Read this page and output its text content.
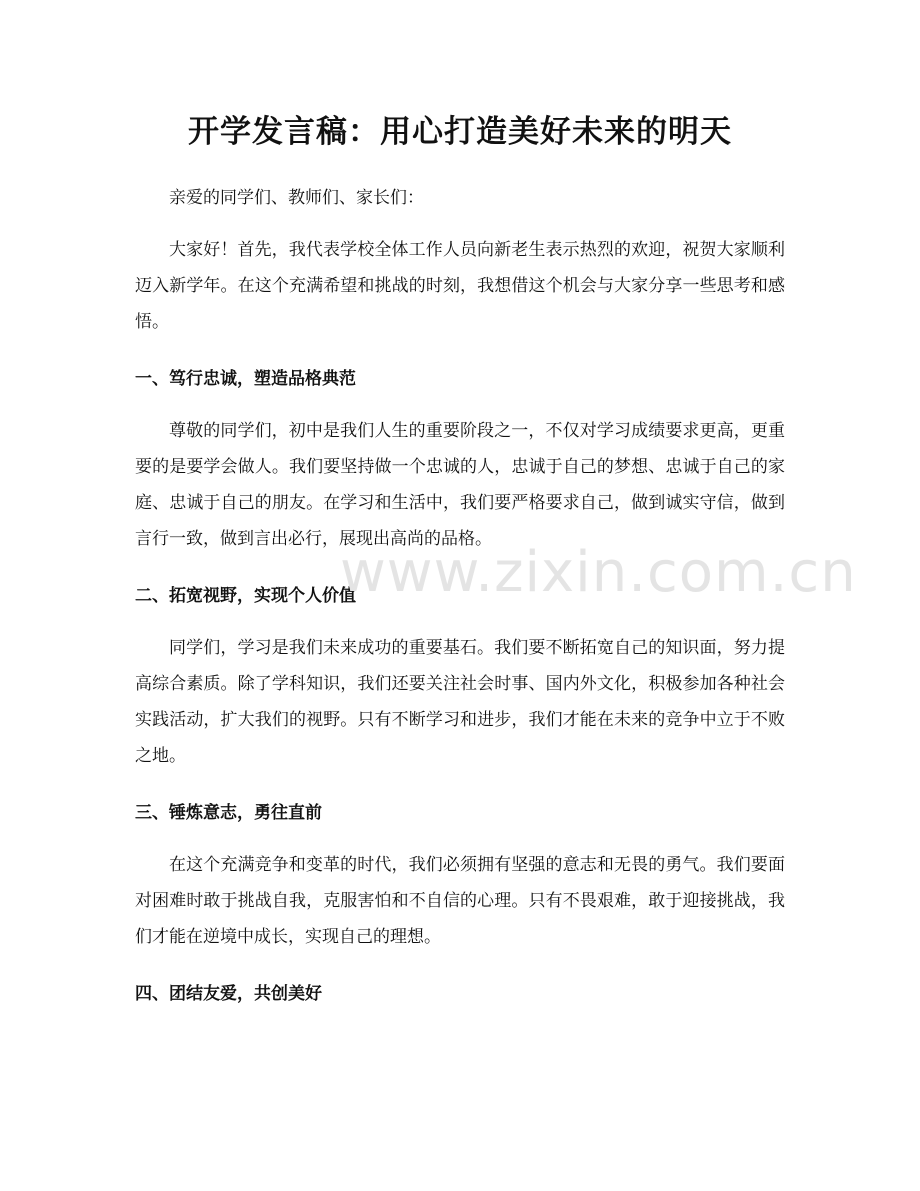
开学发言稿：用心打造美好未来的明天

亲爱的同学们、教师们、家长们：

大家好！首先，我代表学校全体工作人员向新老生表示热烈的欢迎，祝贺大家顺利迈入新学年。在这个充满希望和挑战的时刻，我想借这个机会与大家分享一些思考和感悟。

一、笃行忠诚，塑造品格典范

尊敬的同学们，初中是我们人生的重要阶段之一，不仅对学习成绩要求更高，更重要的是要学会做人。我们要坚持做一个忠诚的人，忠诚于自己的梦想、忠诚于自己的家庭、忠诚于自己的朋友。在学习和生活中，我们要严格要求自己，做到诚实守信，做到言行一致，做到言出必行，展现出高尚的品格。

二、拓宽视野，实现个人价值

同学们，学习是我们未来成功的重要基石。我们要不断拓宽自己的知识面，努力提高综合素质。除了学科知识，我们还要关注社会时事、国内外文化，积极参加各种社会实践活动，扩大我们的视野。只有不断学习和进步，我们才能在未来的竞争中立于不败之地。

三、锤炼意志，勇往直前

在这个充满竞争和变革的时代，我们必须拥有坚强的意志和无畏的勇气。我们要面对困难时敢于挑战自我，克服害怕和不自信的心理。只有不畏艰难，敢于迎接挑战，我们才能在逆境中成长，实现自己的理想。

四、团结友爱，共创美好
www.zixin.com.cn
